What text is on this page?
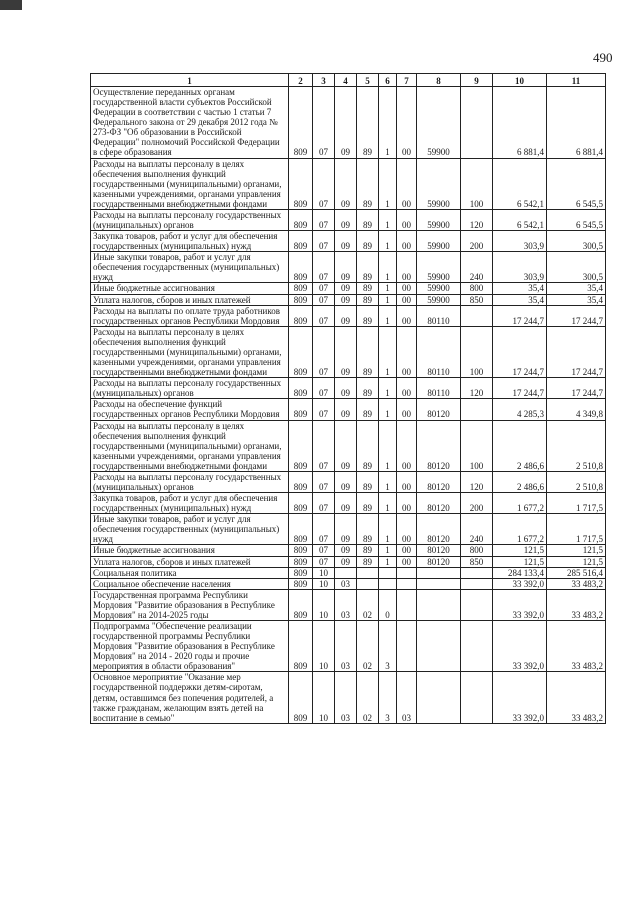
490
1	2	3	4	5	6	7	8	9	10	11
Осуществление переданных органам государственной власти субъектов Российской Федерации в соответствии с частью 1 статьи 7 Федерального закона от 29 декабря 2012 года № 273-ФЗ "Об образовании в Российской Федерации" полномочий Российской Федерации в сфере образования	809	07	09	89	1	00	59900		6 881,4	6 881,4
Расходы на выплаты персоналу в целях обеспечения выполнения функций государственными (муниципальными) органами, казенными учреждениями, органами управления государственными внебюджетными фондами	809	07	09	89	1	00	59900	100	6 542,1	6 545,5
Расходы на выплаты персоналу государственных (муниципальных) органов	809	07	09	89	1	00	59900	120	6 542,1	6 545,5
Закупка товаров, работ и услуг для обеспечения государственных (муниципальных) нужд	809	07	09	89	1	00	59900	200	303,9	300,5
Иные закупки товаров, работ и услуг для обеспечения государственных (муниципальных) нужд	809	07	09	89	1	00	59900	240	303,9	300,5
Иные бюджетные ассигнования	809	07	09	89	1	00	59900	800	35,4	35,4
Уплата налогов, сборов и иных платежей	809	07	09	89	1	00	59900	850	35,4	35,4
Расходы на выплаты по оплате труда работников государственных органов Республики Мордовия	809	07	09	89	1	00	80110		17 244,7	17 244,7
Расходы на выплаты персоналу в целях обеспечения выполнения функций государственными (муниципальными) органами, казенными учреждениями, органами управления государственными внебюджетными фондами	809	07	09	89	1	00	80110	100	17 244,7	17 244,7
Расходы на выплаты персоналу государственных (муниципальных) органов	809	07	09	89	1	00	80110	120	17 244,7	17 244,7
Расходы на обеспечение функций государственных органов Республики Мордовия	809	07	09	89	1	00	80120		4 285,3	4 349,8
Расходы на выплаты персоналу в целях обеспечения выполнения функций государственными (муниципальными) органами, казенными учреждениями, органами управления государственными внебюджетными фондами	809	07	09	89	1	00	80120	100	2 486,6	2 510,8
Расходы на выплаты персоналу государственных (муниципальных) органов	809	07	09	89	1	00	80120	120	2 486,6	2 510,8
Закупка товаров, работ и услуг для обеспечения государственных (муниципальных) нужд	809	07	09	89	1	00	80120	200	1 677,2	1 717,5
Иные закупки товаров, работ и услуг для обеспечения государственных (муниципальных) нужд	809	07	09	89	1	00	80120	240	1 677,2	1 717,5
Иные бюджетные ассигнования	809	07	09	89	1	00	80120	800	121,5	121,5
Уплата налогов, сборов и иных платежей	809	07	09	89	1	00	80120	850	121,5	121,5
Социальная политика	809	10							284 133,4	285 516,4
Социальное обеспечение населения	809	10	03						33 392,0	33 483,2
Государственная программа Республики Мордовия "Развитие образования в Республике Мордовия" на 2014-2025 годы	809	10	03	02	0				33 392,0	33 483,2
Подпрограмма "Обеспечение реализации государственной программы Республики Мордовия "Развитие образования в Республике Мордовия" на 2014 - 2020 годы и прочие мероприятия в области образования"	809	10	03	02	3				33 392,0	33 483,2
Основное мероприятие "Оказание мер государственной поддержки детям-сиротам, детям, оставшимся без попечения родителей, а также гражданам, желающим взять детей на воспитание в семью"	809	10	03	02	3	03			33 392,0	33 483,2
